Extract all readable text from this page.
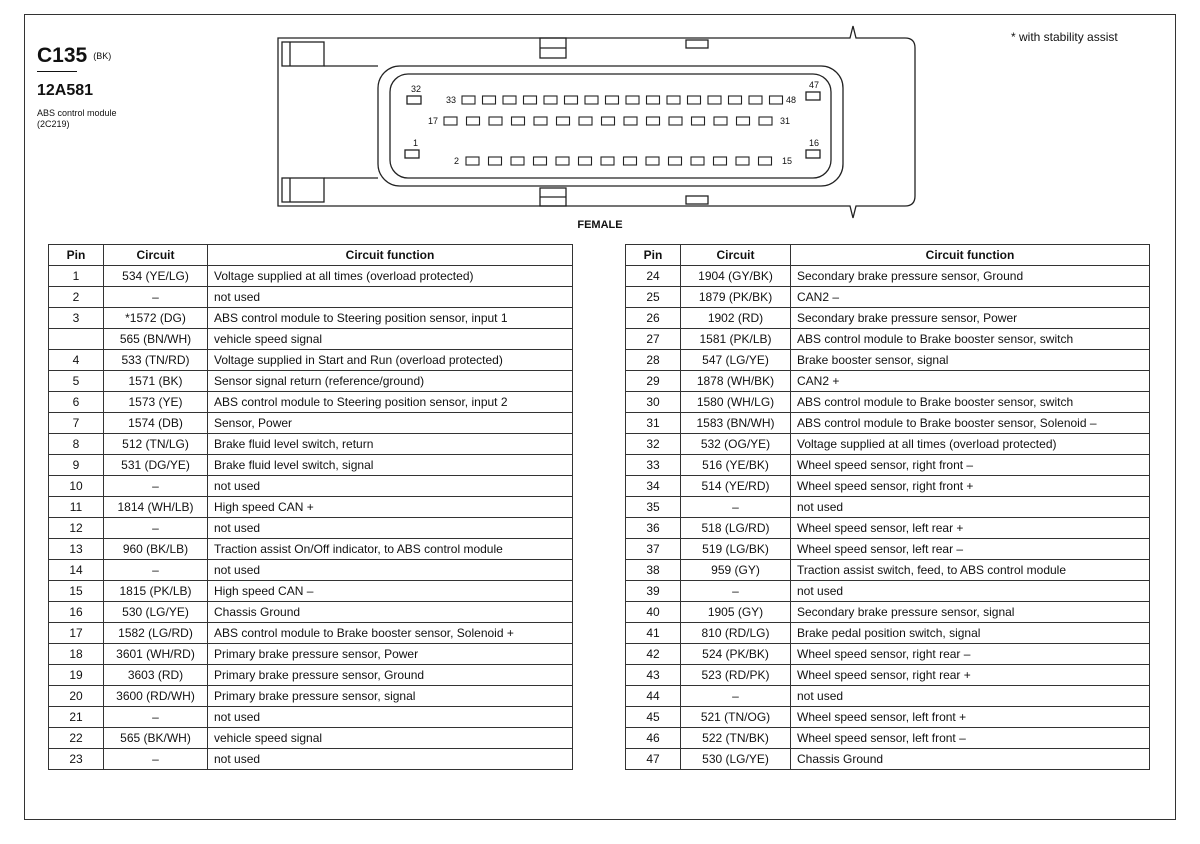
C135 (BK)
12A581
ABS control module
(2C219)
* with stability assist
32
33	48
47
17	31
1
2	15
16
FEMALE
Pin	Circuit	Circuit function
1	534 (YE/LG)	Voltage supplied at all times (overload protected)
2	–	not used
3	*1572 (DG)	ABS control module to Steering position sensor, input 1
	565 (BN/WH)	vehicle speed signal
4	533 (TN/RD)	Voltage supplied in Start and Run (overload protected)
5	1571 (BK)	Sensor signal return (reference/ground)
6	1573 (YE)	ABS control module to Steering position sensor, input 2
7	1574 (DB)	Sensor, Power
8	512 (TN/LG)	Brake fluid level switch, return
9	531 (DG/YE)	Brake fluid level switch, signal
10	–	not used
11	1814 (WH/LB)	High speed CAN +
12	–	not used
13	960 (BK/LB)	Traction assist On/Off indicator, to ABS control module
14	–	not used
15	1815 (PK/LB)	High speed CAN –
16	530 (LG/YE)	Chassis Ground
17	1582 (LG/RD)	ABS control module to Brake booster sensor, Solenoid +
18	3601 (WH/RD)	Primary brake pressure sensor, Power
19	3603 (RD)	Primary brake pressure sensor, Ground
20	3600 (RD/WH)	Primary brake pressure sensor, signal
21	–	not used
22	565 (BK/WH)	vehicle speed signal
23	–	not used
Pin	Circuit	Circuit function
24	1904 (GY/BK)	Secondary brake pressure sensor, Ground
25	1879 (PK/BK)	CAN2 –
26	1902 (RD)	Secondary brake pressure sensor, Power
27	1581 (PK/LB)	ABS control module to Brake booster sensor, switch
28	547 (LG/YE)	Brake booster sensor, signal
29	1878 (WH/BK)	CAN2 +
30	1580 (WH/LG)	ABS control module to Brake booster sensor, switch
31	1583 (BN/WH)	ABS control module to Brake booster sensor, Solenoid –
32	532 (OG/YE)	Voltage supplied at all times (overload protected)
33	516 (YE/BK)	Wheel speed sensor, right front –
34	514 (YE/RD)	Wheel speed sensor, right front +
35	–	not used
36	518 (LG/RD)	Wheel speed sensor, left rear +
37	519 (LG/BK)	Wheel speed sensor, left rear –
38	959 (GY)	Traction assist switch, feed, to ABS control module
39	–	not used
40	1905 (GY)	Secondary brake pressure sensor, signal
41	810 (RD/LG)	Brake pedal position switch, signal
42	524 (PK/BK)	Wheel speed sensor, right rear –
43	523 (RD/PK)	Wheel speed sensor, right rear +
44	–	not used
45	521 (TN/OG)	Wheel speed sensor, left front +
46	522 (TN/BK)	Wheel speed sensor, left front –
47	530 (LG/YE)	Chassis Ground
